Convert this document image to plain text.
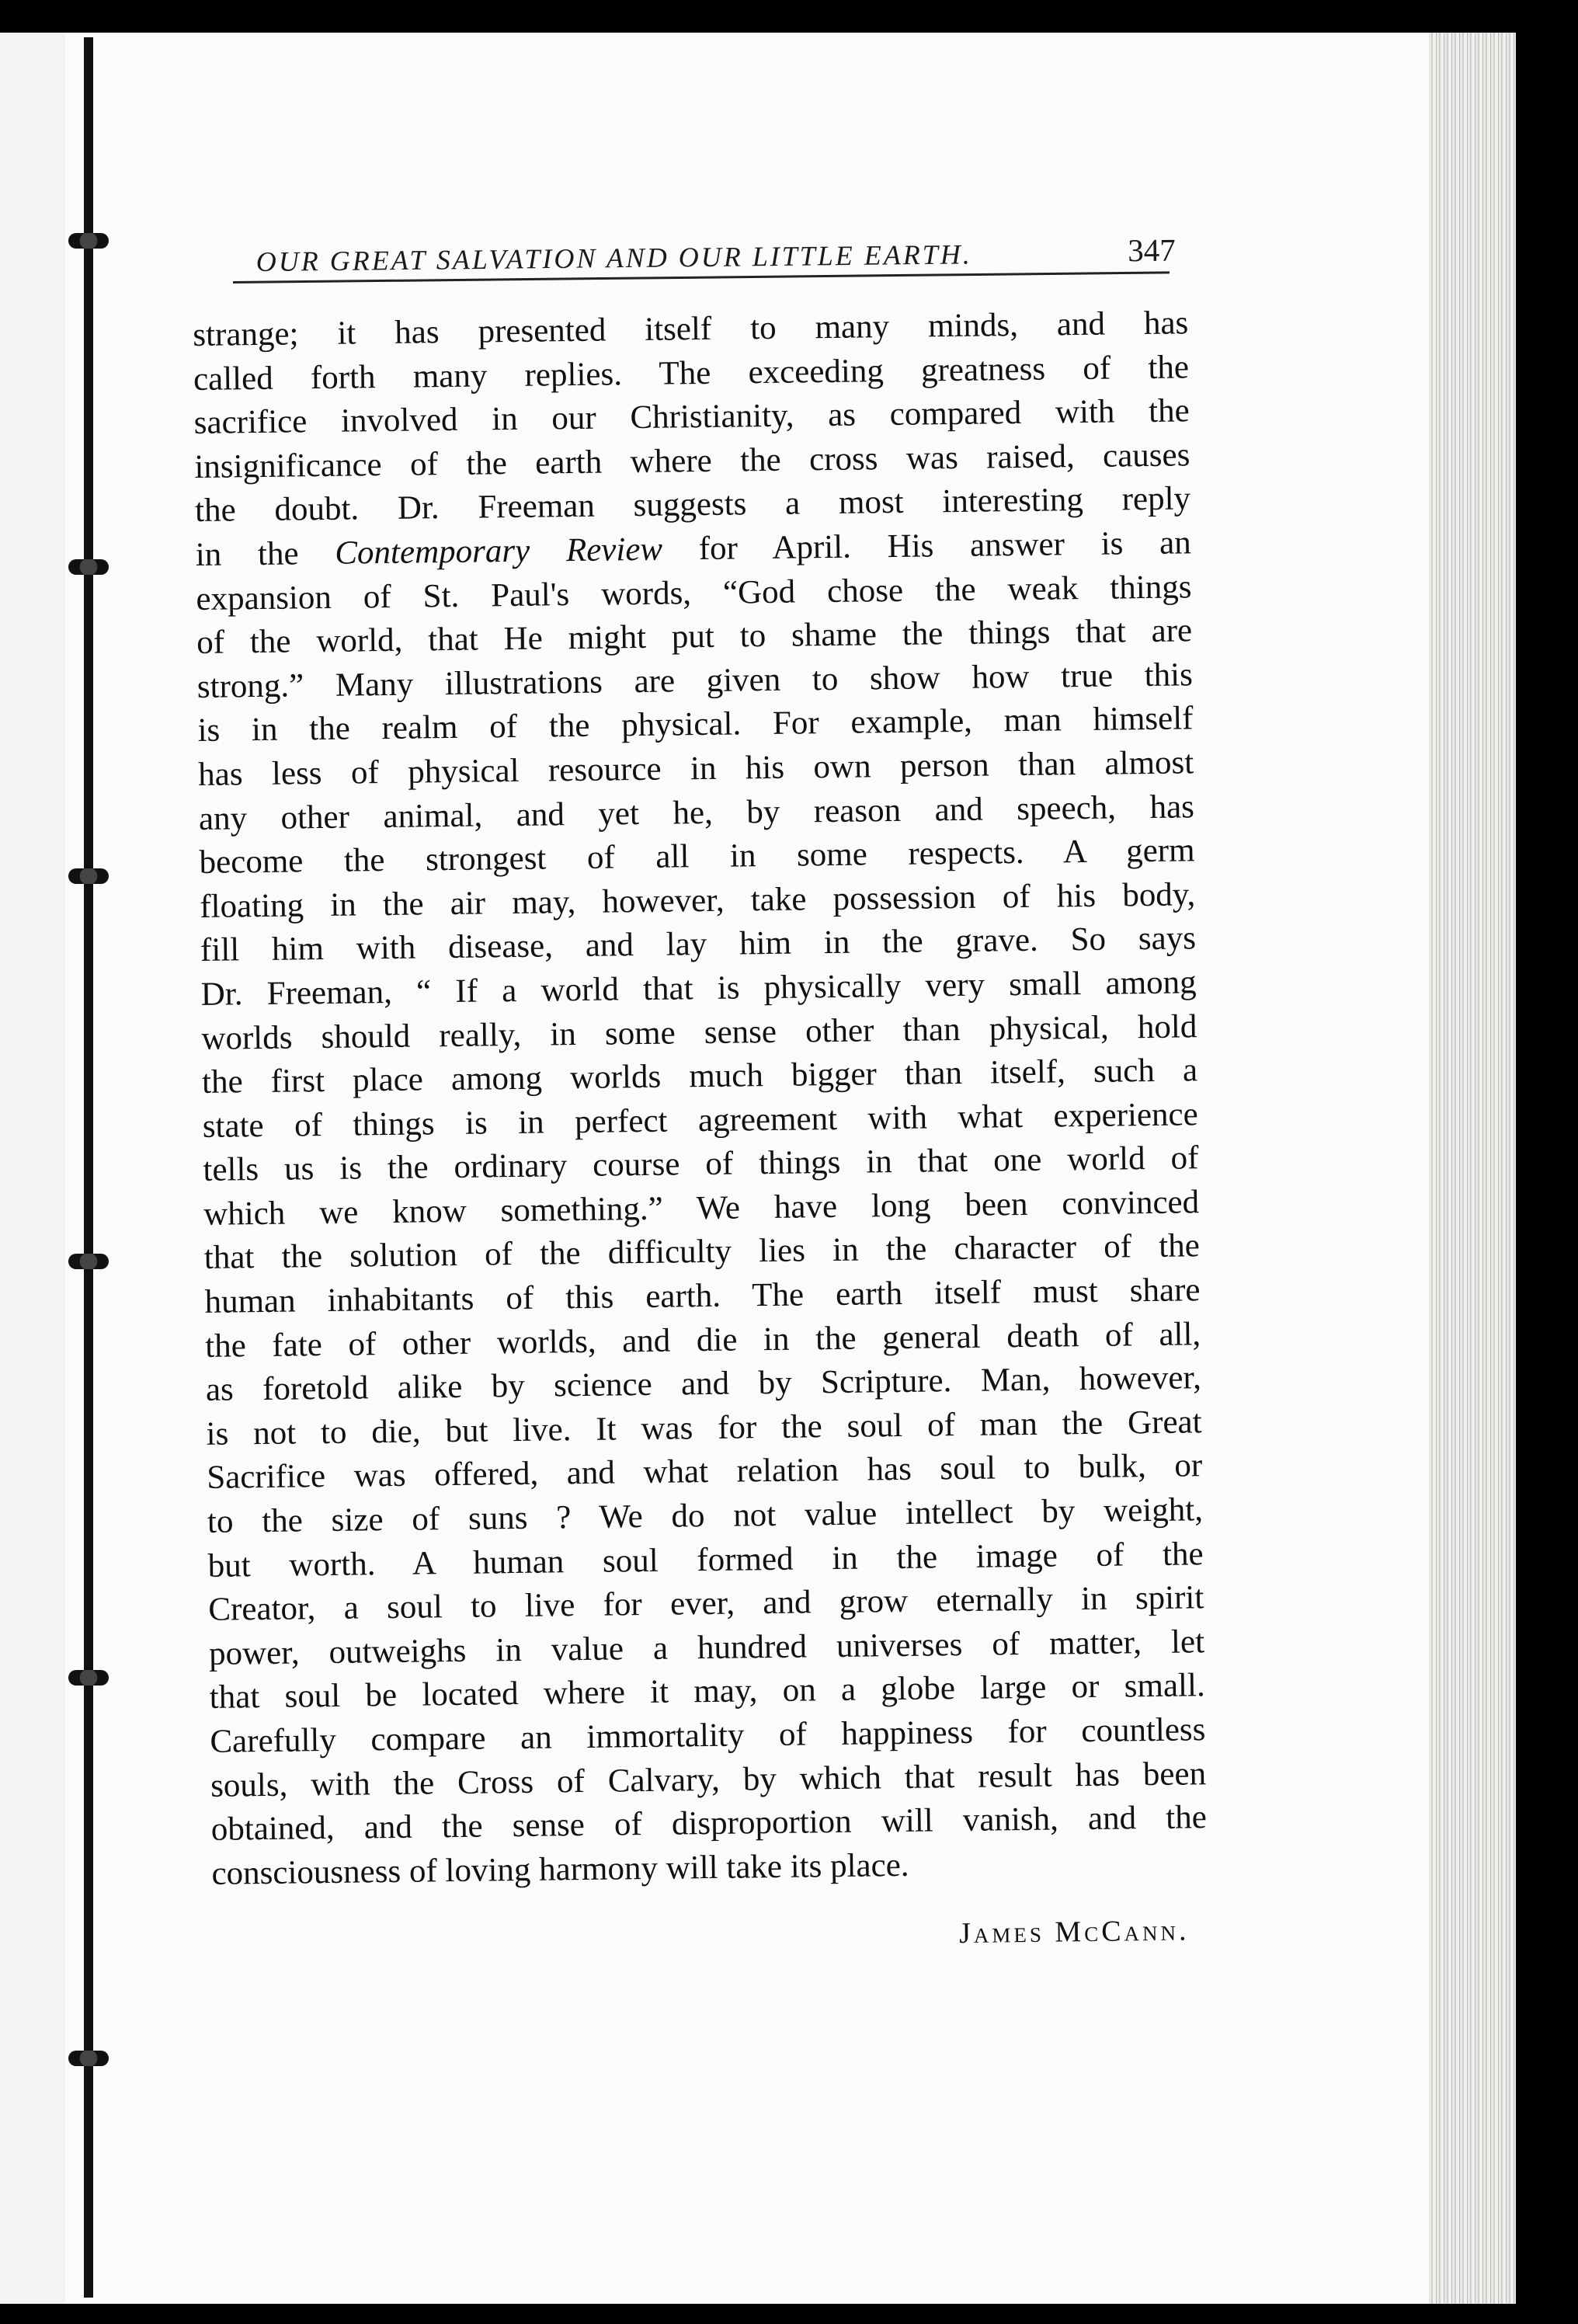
OUR GREAT SALVATION AND OUR LITTLE EARTH.	347
strange; it has presented itself to many minds, and has
called forth many replies. The exceeding greatness of the
sacrifice involved in our Christianity, as compared with the
insignificance of the earth where the cross was raised, causes
the doubt. Dr. Freeman suggests a most interesting reply
in the Contemporary Review for April. His answer is an
expansion of St. Paul's words, “God chose the weak things
of the world, that He might put to shame the things that are
strong.” Many illustrations are given to show how true this
is in the realm of the physical. For example, man himself
has less of physical resource in his own person than almost
any other animal, and yet he, by reason and speech, has
become the strongest of all in some respects. A germ
floating in the air may, however, take possession of his body,
fill him with disease, and lay him in the grave. So says
Dr. Freeman, “ If a world that is physically very small among
worlds should really, in some sense other than physical, hold
the first place among worlds much bigger than itself, such a
state of things is in perfect agreement with what experience
tells us is the ordinary course of things in that one world of
which we know something.” We have long been convinced
that the solution of the difficulty lies in the character of the
human inhabitants of this earth. The earth itself must share
the fate of other worlds, and die in the general death of all,
as foretold alike by science and by Scripture. Man, however,
is not to die, but live. It was for the soul of man the Great
Sacrifice was offered, and what relation has soul to bulk, or
to the size of suns ? We do not value intellect by weight,
but worth. A human soul formed in the image of the
Creator, a soul to live for ever, and grow eternally in spirit
power, outweighs in value a hundred universes of matter, let
that soul be located where it may, on a globe large or small.
Carefully compare an immortality of happiness for countless
souls, with the Cross of Calvary, by which that result has been
obtained, and the sense of disproportion will vanish, and the
consciousness of loving harmony will take its place.
James McCann.
